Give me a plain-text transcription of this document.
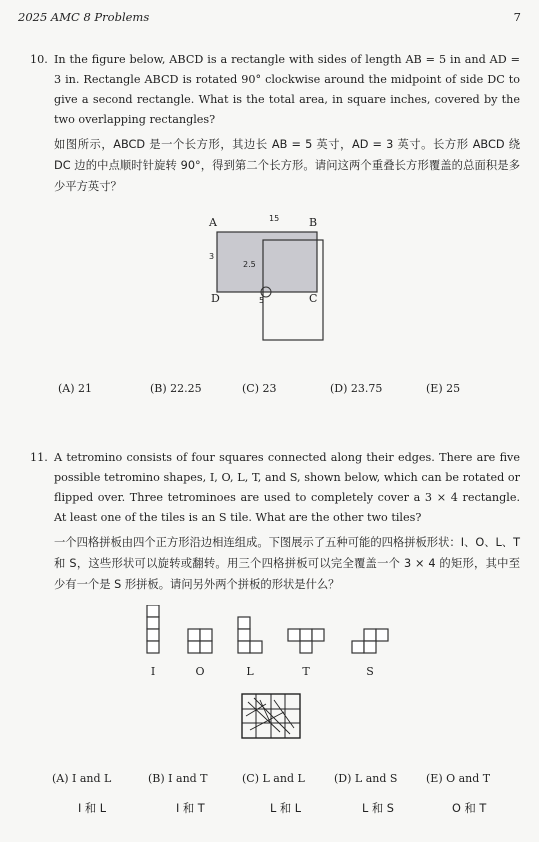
2025 AMC 8 Problems	7
10. In the figure below, ABCD is a rectangle with sides of length AB = 5 in and AD = 3 in. Rectangle ABCD is rotated 90° clockwise around the midpoint of side DC to give a second rectangle. What is the total area, in square inches, covered by the two overlapping rectangles?

如图所示，ABCD 是一个长方形，其边长 AB = 5 英寸，AD = 3 英寸。长方形 ABCD 绕 DC 边的中点顺时针旋转 90°，得到第二个长方形。请问这两个重叠长方形覆盖的总面积是多少平方英寸？

A	B
C
D
15
3
2.5
5
(A) 21	(B) 22.25	(C) 23	(D) 23.75	(E) 25
11. A tetromino consists of four squares connected along their edges. There are five possible tetromino shapes, I, O, L, T, and S, shown below, which can be rotated or flipped over. Three tetrominoes are used to completely cover a 3 × 4 rectangle. At least one of the tiles is an S tile. What are the other two tiles?

一个四格拼板由四个正方形沿边相连组成。下图展示了五种可能的四格拼板形状：I、O、L、T 和 S，这些形状可以旋转或翻转。用三个四格拼板可以完全覆盖一个 3 × 4 的矩形，其中至少有一个是 S 形拼板。请问另外两个拼板的形状是什么？

I	O	L	T	S
(A) I and L	(B) I and T	(C) L and L	(D) L and S	(E) O and T
I 和 L	I 和 T	L 和 L	L 和 S	O 和 T
